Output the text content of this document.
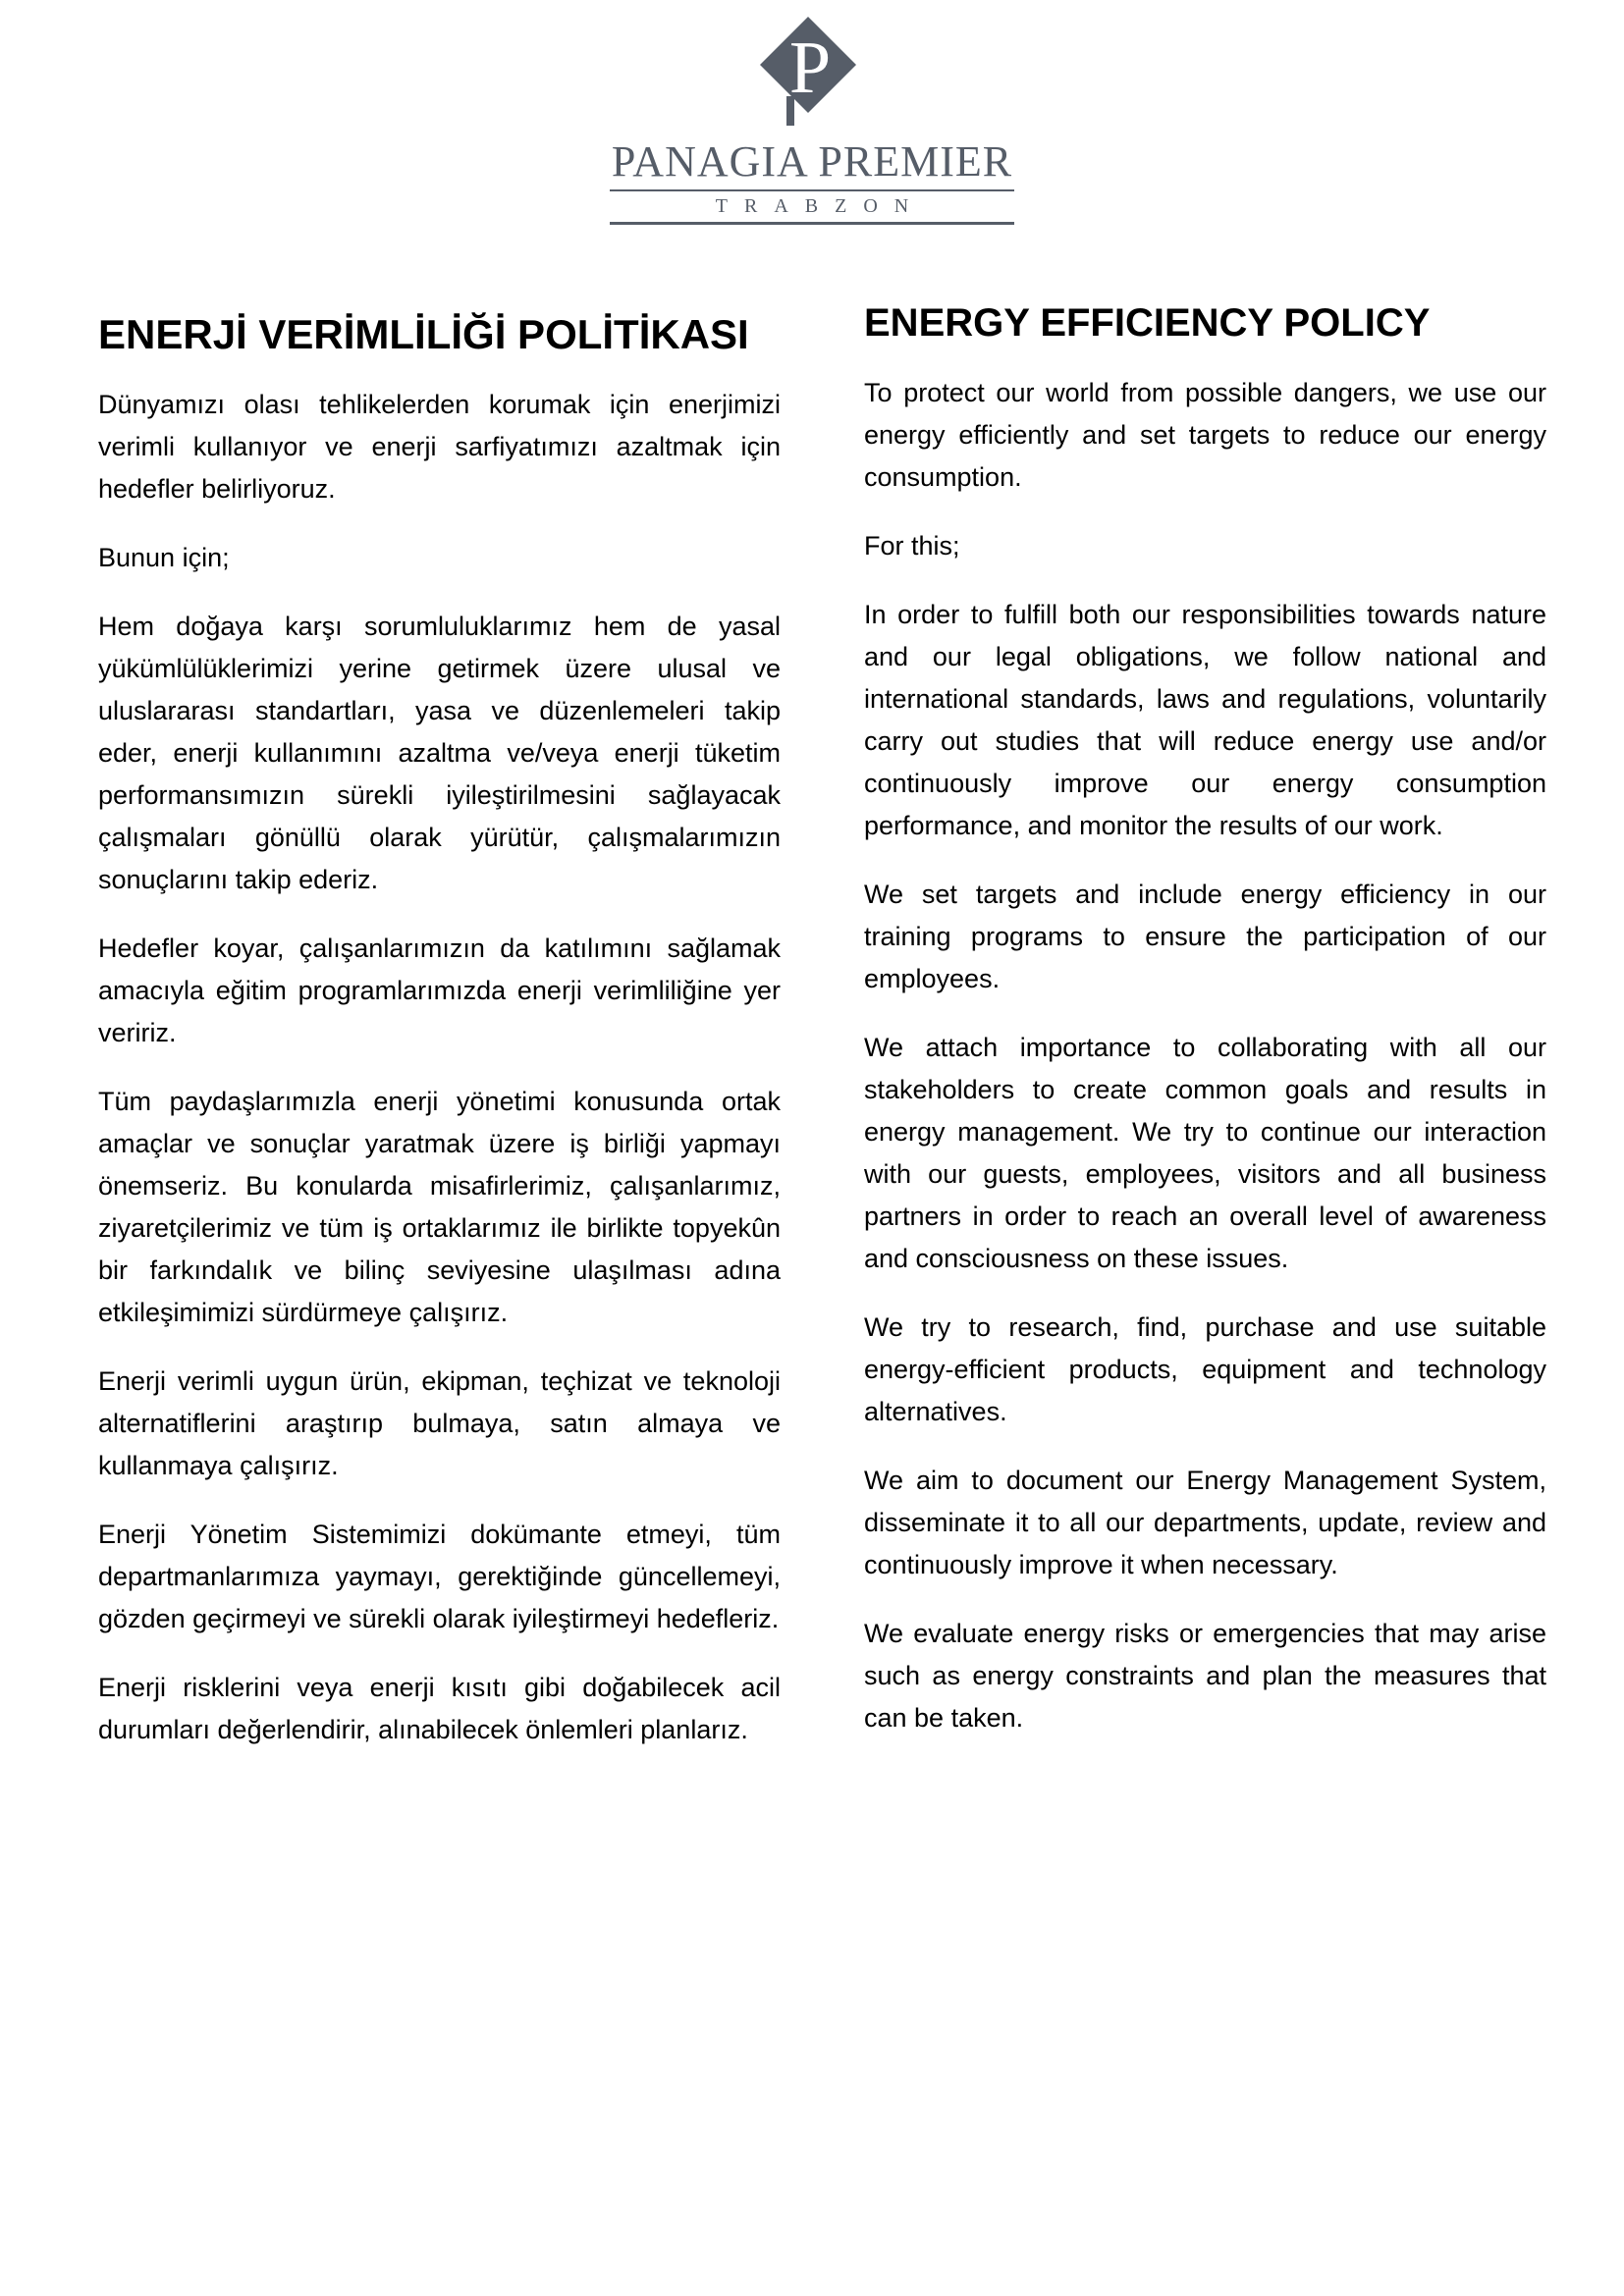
P
PANAGIA PREMIER
TRABZON
ENERJİ VERİMLİLİĞİ POLİTİKASI

Dünyamızı olası tehlikelerden korumak için enerjimizi verimli kullanıyor ve enerji sarfiyatımızı azaltmak için hedefler belirliyoruz.

Bunun için;

Hem doğaya karşı sorumluluklarımız hem de yasal yükümlülüklerimizi yerine getirmek üzere ulusal ve uluslararası standartları, yasa ve düzenlemeleri takip eder, enerji kullanımını azaltma ve/veya enerji tüketim performansımızın sürekli iyileştirilmesini sağlayacak çalışmaları gönüllü olarak yürütür, çalışmalarımızın sonuçlarını takip ederiz.

Hedefler koyar, çalışanlarımızın da katılımını sağlamak amacıyla eğitim programlarımızda enerji verimliliğine yer veririz.

Tüm paydaşlarımızla enerji yönetimi konusunda ortak amaçlar ve sonuçlar yaratmak üzere iş birliği yapmayı önemseriz. Bu konularda misafirlerimiz, çalışanlarımız, ziyaretçilerimiz ve tüm iş ortaklarımız ile birlikte topyekûn bir farkındalık ve bilinç seviyesine ulaşılması adına etkileşimimizi sürdürmeye çalışırız.

Enerji verimli uygun ürün, ekipman, teçhizat ve teknoloji alternatiflerini araştırıp bulmaya, satın almaya ve kullanmaya çalışırız.

Enerji Yönetim Sistemimizi dokümante etmeyi, tüm departmanlarımıza yaymayı, gerektiğinde güncellemeyi, gözden geçirmeyi ve sürekli olarak iyileştirmeyi hedefleriz.

Enerji risklerini veya enerji kısıtı gibi doğabilecek acil durumları değerlendirir, alınabilecek önlemleri planlarız.

ENERGY EFFICIENCY POLICY

To protect our world from possible dangers, we use our energy efficiently and set targets to reduce our energy consumption.

For this;

In order to fulfill both our responsibilities towards nature and our legal obligations, we follow national and international standards, laws and regulations, voluntarily carry out studies that will reduce energy use and/or continuously improve our energy consumption performance, and monitor the results of our work.

We set targets and include energy efficiency in our training programs to ensure the participation of our employees.

We attach importance to collaborating with all our stakeholders to create common goals and results in energy management. We try to continue our interaction with our guests, employees, visitors and all business partners in order to reach an overall level of awareness and consciousness on these issues.

We try to research, find, purchase and use suitable energy-efficient products, equipment and technology alternatives.

We aim to document our Energy Management System, disseminate it to all our departments, update, review and continuously improve it when necessary.

We evaluate energy risks or emergencies that may arise such as energy constraints and plan the measures that can be taken.
